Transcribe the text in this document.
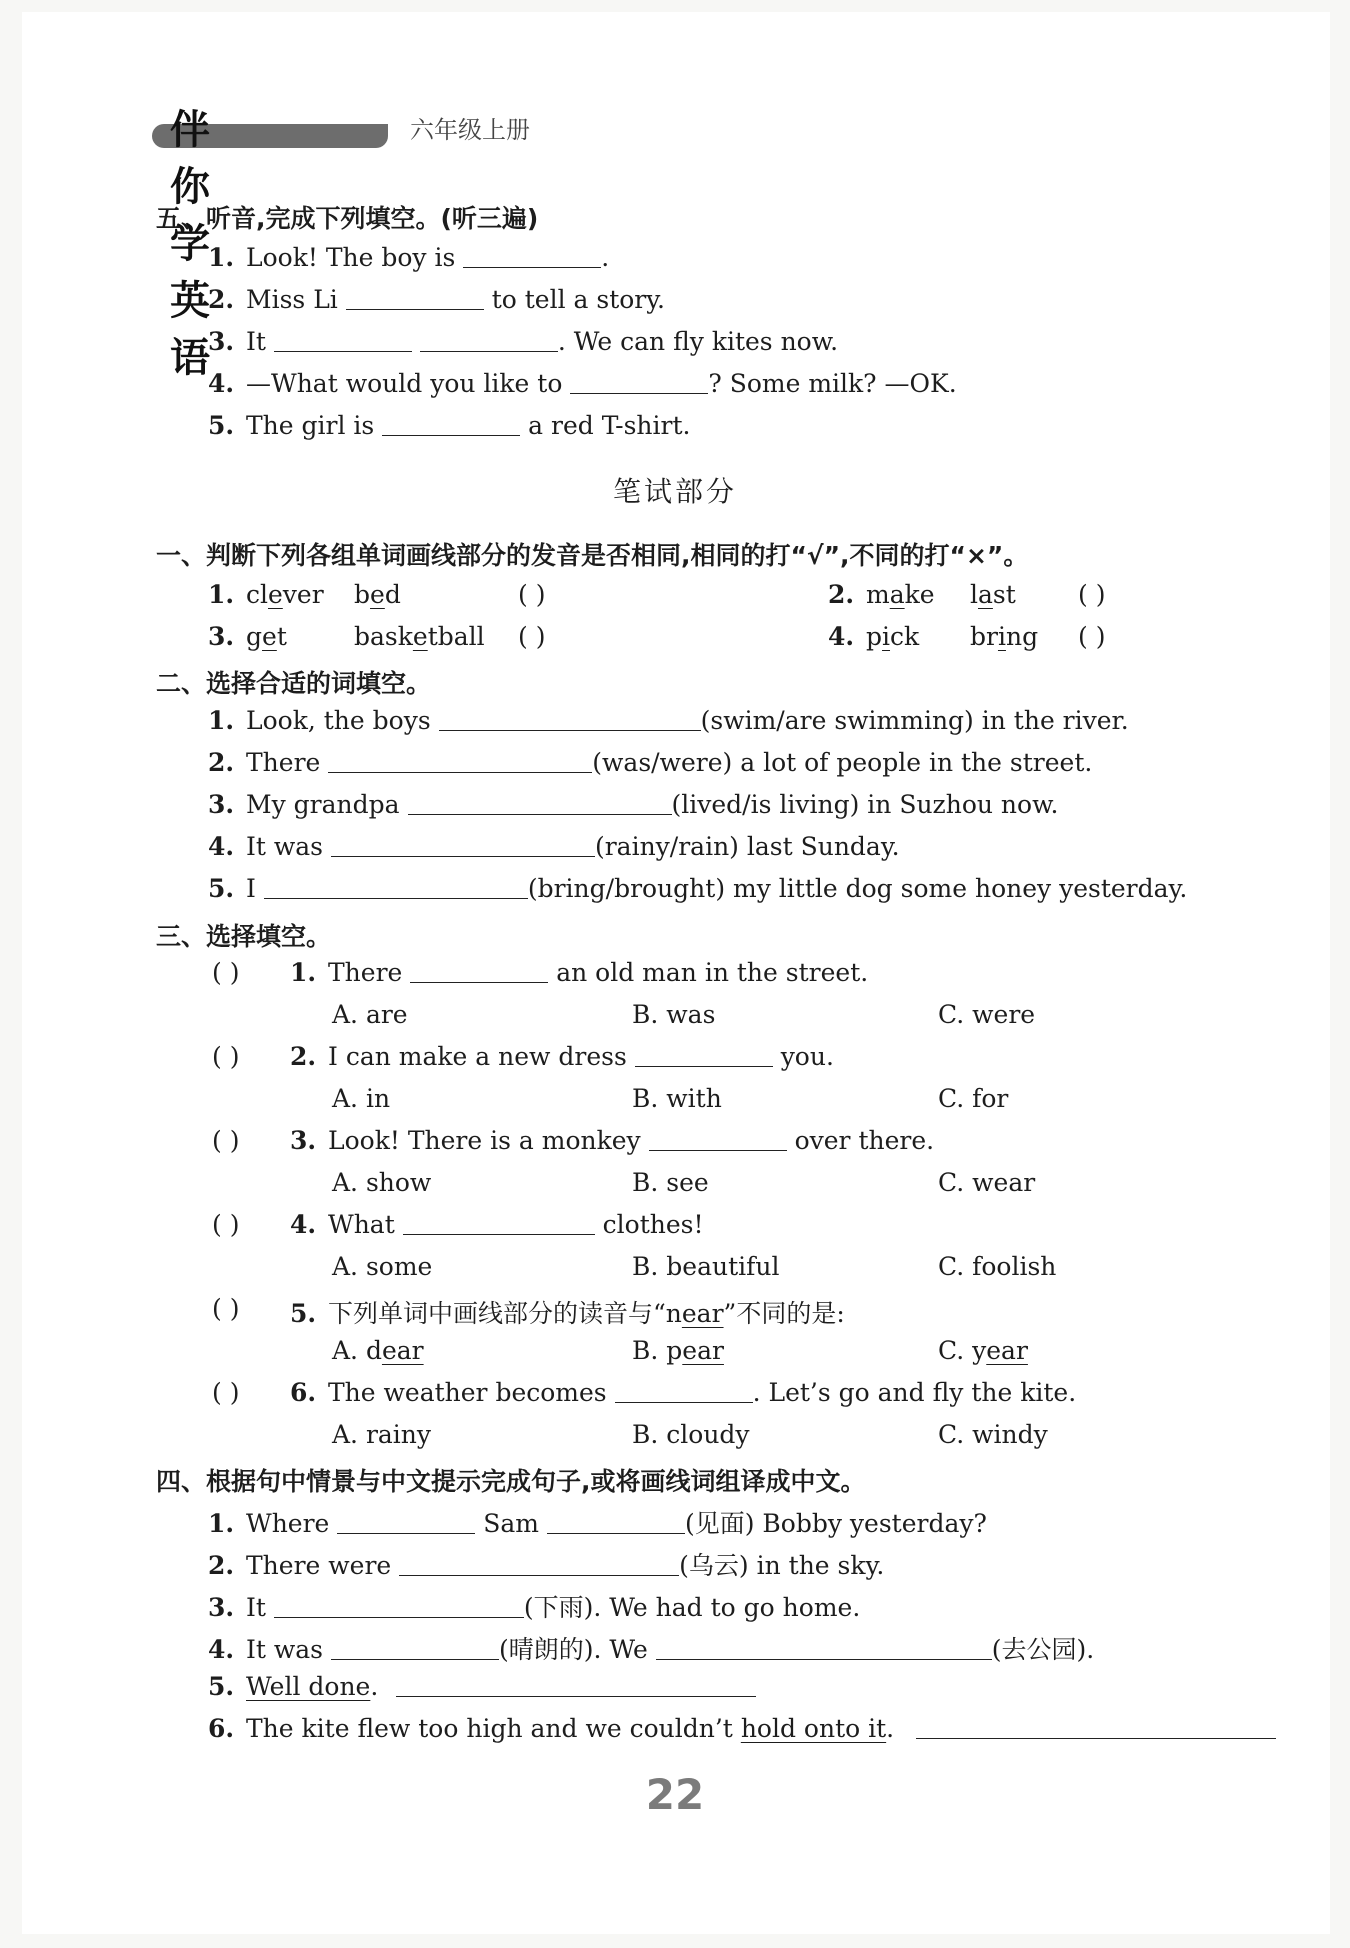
伴你学 英语
六年级上册
五、听音,完成下列填空。(听三遍)
1. Look! The boy is	.
2. Miss Li	to tell a story.
3. It	. We can fly kites now.
4. —What would you like to	? Some milk? —OK.
5. The girl is	a red T-shirt.
笔试部分
一、判断下列各组单词画线部分的发音是否相同,相同的打“√”,不同的打“×”。
1. clever bed	( )	2. make last ( )
3. get	basketball ( )	4. pick bring ( )
二、选择合适的词填空。
1. Look, the boys	(swim/are swimming) in the river.
2. There	(was/were) a lot of people in the street.
3. My grandpa	(lived/is living) in Suzhou now.
4. It was	(rainy/rain) last Sunday.
5. I	(bring/brought) my little dog some honey yesterday.
三、选择填空。
( ) 1. There	an old man in the street.
A. are	B. was	C. were
( ) 2. I can make a new dress	you.
A. in	B. with	C. for
( ) 3. Look! There is a monkey	over there.
A. show	B. see	C. wear
( ) 4. What	clothes!
A. some	B. beautiful	C. foolish
( ) 5. 下列单词中画线部分的读音与“near”不同的是:
A. dear	B. pear	C. year
( ) 6. The weather becomes	. Let’s go and fly the kite.
A. rainy	B. cloudy	C. windy
四、根据句中情景与中文提示完成句子,或将画线词组译成中文。
1. Where	Sam	(见面) Bobby yesterday?
2. There were	(乌云) in the sky.
3. It	(下雨). We had to go home.
4. It was	(晴朗的). We	(去公园).
5. Well done.
6. The kite flew too high and we couldn’t hold onto it.
22
